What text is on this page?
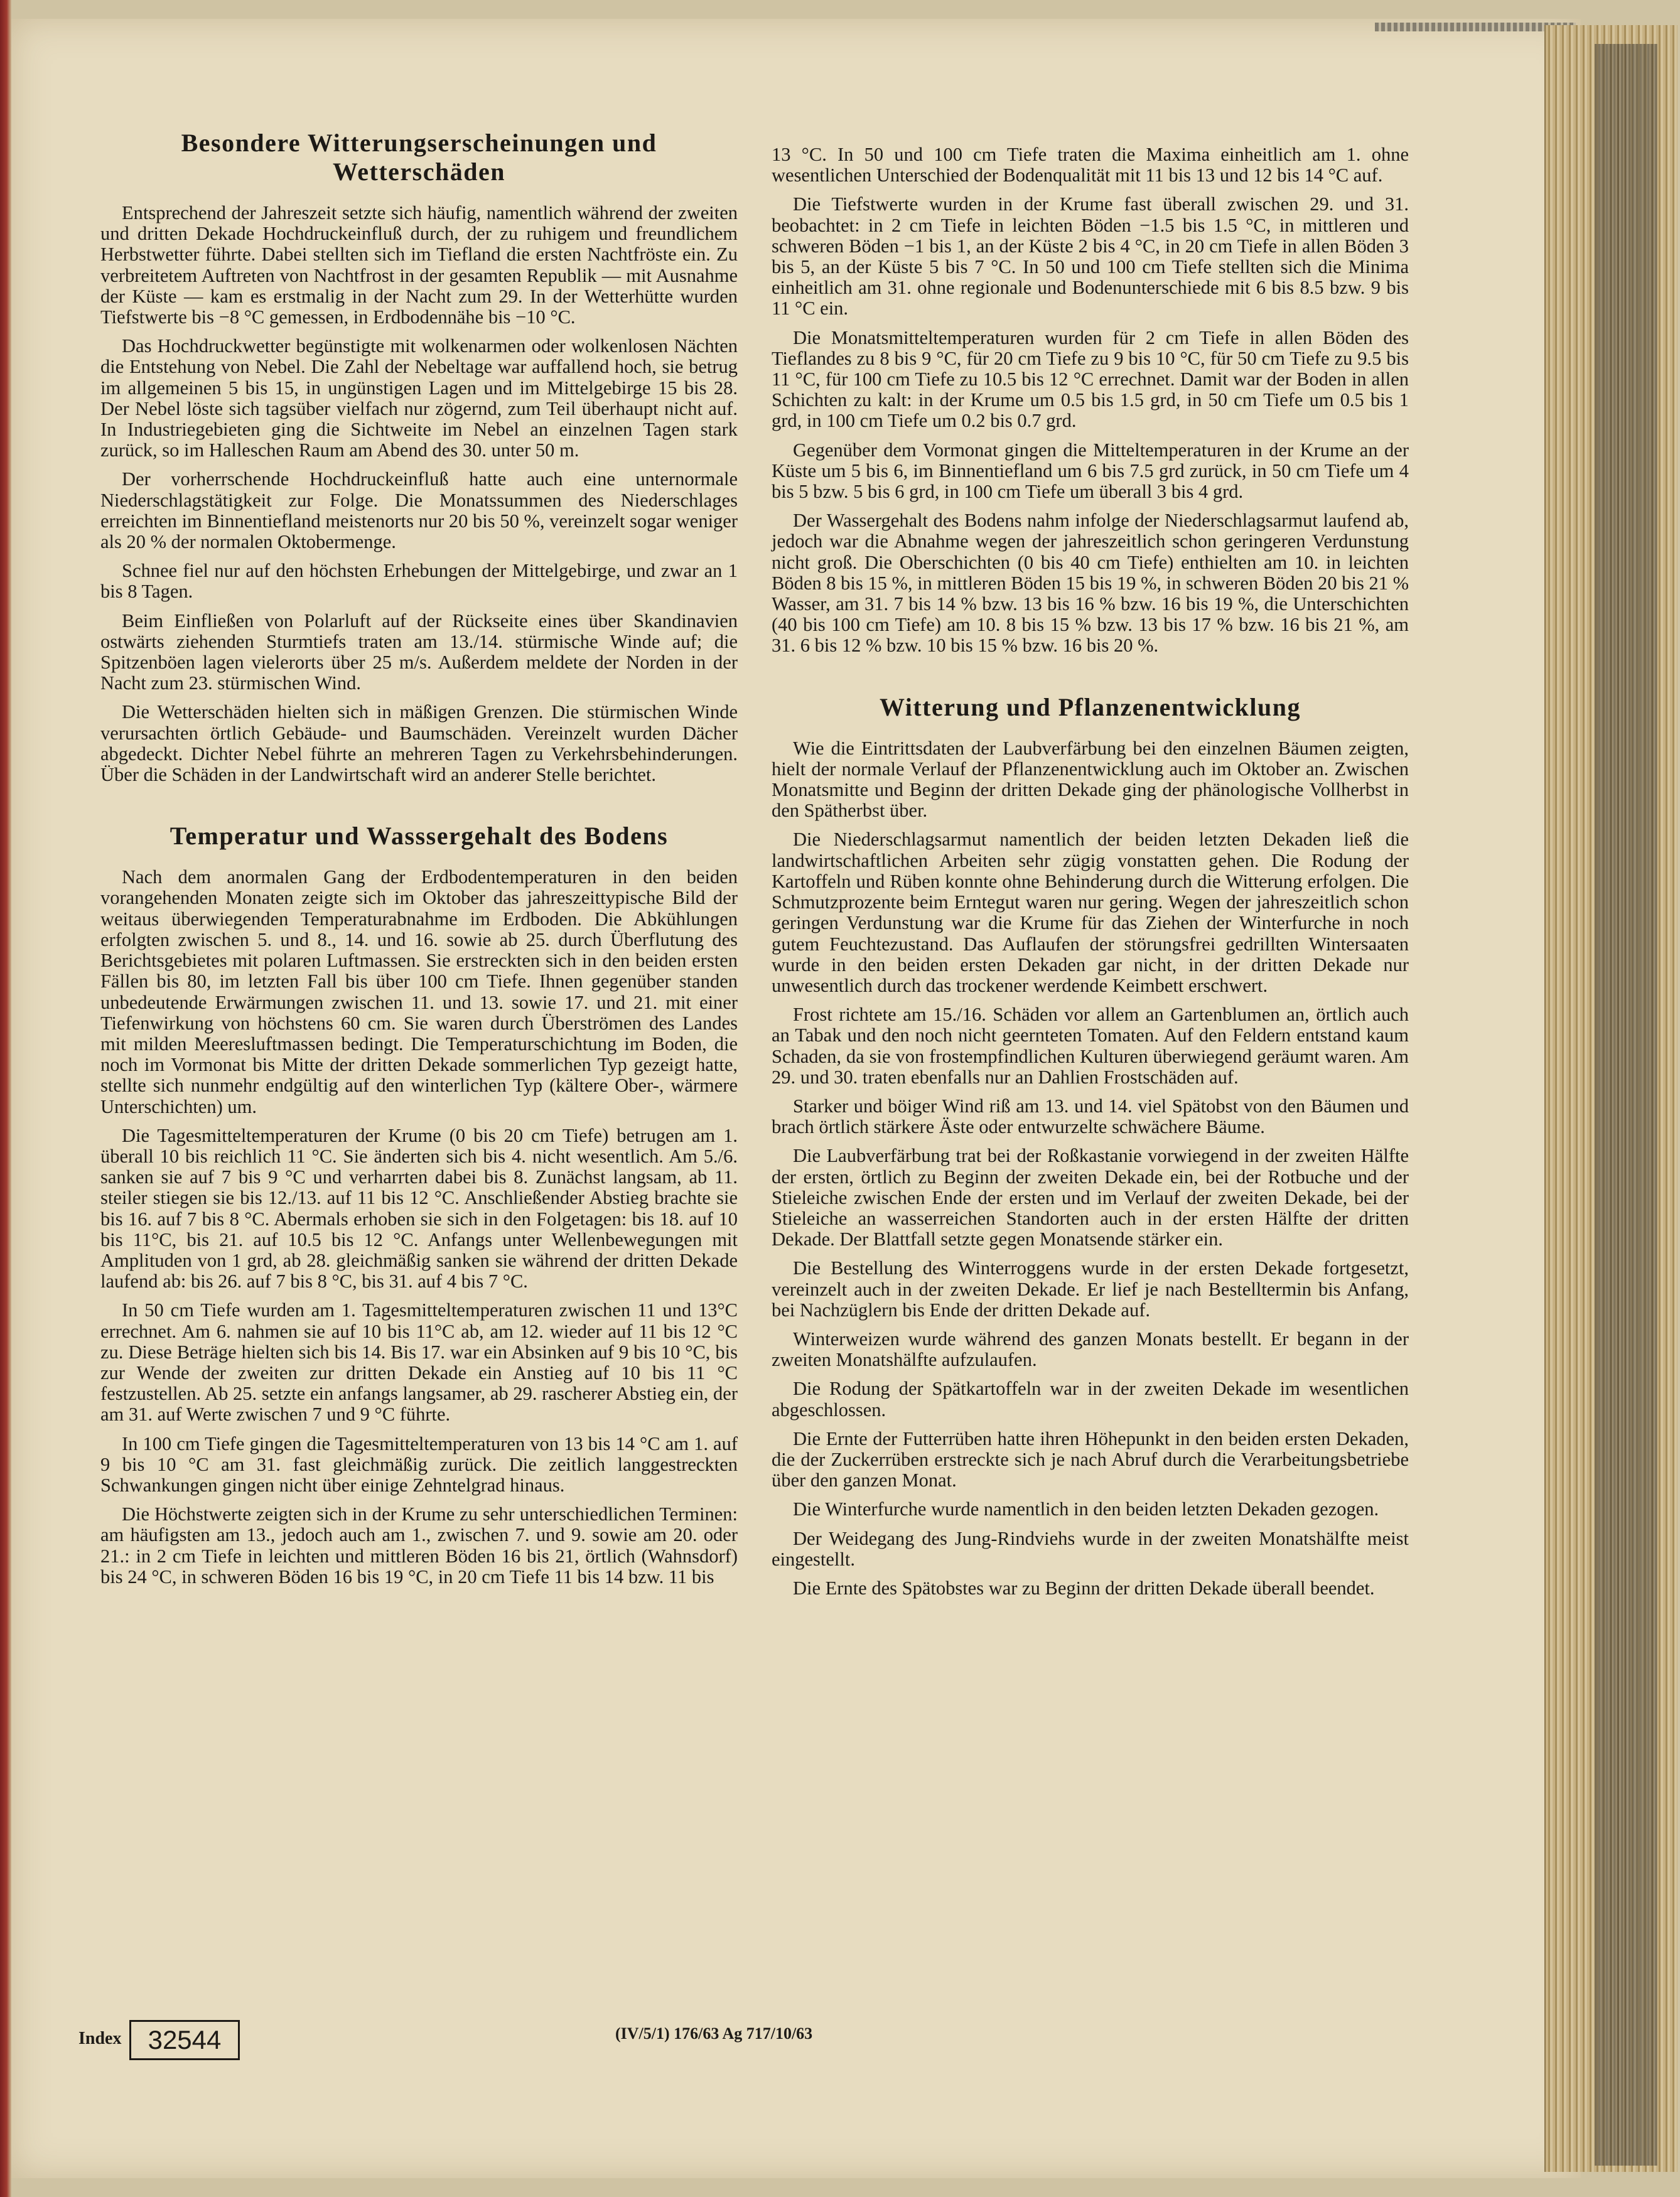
Besondere Witterungserscheinungen und Wetterschäden

Entsprechend der Jahreszeit setzte sich häufig, namentlich während der zweiten und dritten Dekade Hochdruckeinfluß durch, der zu ruhigem und freundlichem Herbstwetter führte. Dabei stellten sich im Tiefland die ersten Nachtfröste ein. Zu verbreitetem Auftreten von Nachtfrost in der gesamten Republik — mit Ausnahme der Küste — kam es erstmalig in der Nacht zum 29. In der Wetterhütte wurden Tiefstwerte bis −8 °C gemessen, in Erdbodennähe bis −10 °C.

Das Hochdruckwetter begünstigte mit wolkenarmen oder wolkenlosen Nächten die Entstehung von Nebel. Die Zahl der Nebeltage war auffallend hoch, sie betrug im allgemeinen 5 bis 15, in ungünstigen Lagen und im Mittelgebirge 15 bis 28. Der Nebel löste sich tagsüber vielfach nur zögernd, zum Teil überhaupt nicht auf. In Industriegebieten ging die Sichtweite im Nebel an einzelnen Tagen stark zurück, so im Halleschen Raum am Abend des 30. unter 50 m.

Der vorherrschende Hochdruckeinfluß hatte auch eine unternormale Niederschlagstätigkeit zur Folge. Die Monatssummen des Niederschlages erreichten im Binnentiefland meistenorts nur 20 bis 50 %, vereinzelt sogar weniger als 20 % der normalen Oktobermenge.

Schnee fiel nur auf den höchsten Erhebungen der Mittelgebirge, und zwar an 1 bis 8 Tagen.

Beim Einfließen von Polarluft auf der Rückseite eines über Skandinavien ostwärts ziehenden Sturmtiefs traten am 13./14. stürmische Winde auf; die Spitzenböen lagen vielerorts über 25 m/s. Außerdem meldete der Norden in der Nacht zum 23. stürmischen Wind.

Die Wetterschäden hielten sich in mäßigen Grenzen. Die stürmischen Winde verursachten örtlich Gebäude- und Baumschäden. Vereinzelt wurden Dächer abgedeckt. Dichter Nebel führte an mehreren Tagen zu Verkehrsbehinderungen. Über die Schäden in der Landwirtschaft wird an anderer Stelle berichtet.

Temperatur und Wasssergehalt des Bodens

Nach dem anormalen Gang der Erdbodentemperaturen in den beiden vorangehenden Monaten zeigte sich im Oktober das jahreszeittypische Bild der weitaus überwiegenden Temperaturabnahme im Erdboden. Die Abkühlungen erfolgten zwischen 5. und 8., 14. und 16. sowie ab 25. durch Überflutung des Berichtsgebietes mit polaren Luftmassen. Sie erstreckten sich in den beiden ersten Fällen bis 80, im letzten Fall bis über 100 cm Tiefe. Ihnen gegenüber standen unbedeutende Erwärmungen zwischen 11. und 13. sowie 17. und 21. mit einer Tiefenwirkung von höchstens 60 cm. Sie waren durch Überströmen des Landes mit milden Meeresluftmassen bedingt. Die Temperaturschichtung im Boden, die noch im Vormonat bis Mitte der dritten Dekade sommerlichen Typ gezeigt hatte, stellte sich nunmehr endgültig auf den winterlichen Typ (kältere Ober-, wärmere Unterschichten) um.

Die Tagesmitteltemperaturen der Krume (0 bis 20 cm Tiefe) betrugen am 1. überall 10 bis reichlich 11 °C. Sie änderten sich bis 4. nicht wesentlich. Am 5./6. sanken sie auf 7 bis 9 °C und verharrten dabei bis 8. Zunächst langsam, ab 11. steiler stiegen sie bis 12./13. auf 11 bis 12 °C. Anschließender Abstieg brachte sie bis 16. auf 7 bis 8 °C. Abermals erhoben sie sich in den Folgetagen: bis 18. auf 10 bis 11°C, bis 21. auf 10.5 bis 12 °C. Anfangs unter Wellenbewegungen mit Amplituden von 1 grd, ab 28. gleichmäßig sanken sie während der dritten Dekade laufend ab: bis 26. auf 7 bis 8 °C, bis 31. auf 4 bis 7 °C.

In 50 cm Tiefe wurden am 1. Tagesmitteltemperaturen zwischen 11 und 13°C errechnet. Am 6. nahmen sie auf 10 bis 11°C ab, am 12. wieder auf 11 bis 12 °C zu. Diese Beträge hielten sich bis 14. Bis 17. war ein Absinken auf 9 bis 10 °C, bis zur Wende der zweiten zur dritten Dekade ein Anstieg auf 10 bis 11 °C festzustellen. Ab 25. setzte ein anfangs langsamer, ab 29. rascherer Abstieg ein, der am 31. auf Werte zwischen 7 und 9 °C führte.

In 100 cm Tiefe gingen die Tagesmitteltemperaturen von 13 bis 14 °C am 1. auf 9 bis 10 °C am 31. fast gleichmäßig zurück. Die zeitlich langgestreckten Schwankungen gingen nicht über einige Zehntelgrad hinaus.

Die Höchstwerte zeigten sich in der Krume zu sehr unterschiedlichen Terminen: am häufigsten am 13., jedoch auch am 1., zwischen 7. und 9. sowie am 20. oder 21.: in 2 cm Tiefe in leichten und mittleren Böden 16 bis 21, örtlich (Wahnsdorf) bis 24 °C, in schweren Böden 16 bis 19 °C, in 20 cm Tiefe 11 bis 14 bzw. 11 bis

13 °C. In 50 und 100 cm Tiefe traten die Maxima einheitlich am 1. ohne wesentlichen Unterschied der Bodenqualität mit 11 bis 13 und 12 bis 14 °C auf.

Die Tiefstwerte wurden in der Krume fast überall zwischen 29. und 31. beobachtet: in 2 cm Tiefe in leichten Böden −1.5 bis 1.5 °C, in mittleren und schweren Böden −1 bis 1, an der Küste 2 bis 4 °C, in 20 cm Tiefe in allen Böden 3 bis 5, an der Küste 5 bis 7 °C. In 50 und 100 cm Tiefe stellten sich die Minima einheitlich am 31. ohne regionale und Bodenunterschiede mit 6 bis 8.5 bzw. 9 bis 11 °C ein.

Die Monatsmitteltemperaturen wurden für 2 cm Tiefe in allen Böden des Tieflandes zu 8 bis 9 °C, für 20 cm Tiefe zu 9 bis 10 °C, für 50 cm Tiefe zu 9.5 bis 11 °C, für 100 cm Tiefe zu 10.5 bis 12 °C errechnet. Damit war der Boden in allen Schichten zu kalt: in der Krume um 0.5 bis 1.5 grd, in 50 cm Tiefe um 0.5 bis 1 grd, in 100 cm Tiefe um 0.2 bis 0.7 grd.

Gegenüber dem Vormonat gingen die Mitteltemperaturen in der Krume an der Küste um 5 bis 6, im Binnentiefland um 6 bis 7.5 grd zurück, in 50 cm Tiefe um 4 bis 5 bzw. 5 bis 6 grd, in 100 cm Tiefe um überall 3 bis 4 grd.

Der Wassergehalt des Bodens nahm infolge der Niederschlagsarmut laufend ab, jedoch war die Abnahme wegen der jahreszeitlich schon geringeren Verdunstung nicht groß. Die Oberschichten (0 bis 40 cm Tiefe) enthielten am 10. in leichten Böden 8 bis 15 %, in mittleren Böden 15 bis 19 %, in schweren Böden 20 bis 21 % Wasser, am 31. 7 bis 14 % bzw. 13 bis 16 % bzw. 16 bis 19 %, die Unterschichten (40 bis 100 cm Tiefe) am 10. 8 bis 15 % bzw. 13 bis 17 % bzw. 16 bis 21 %, am 31. 6 bis 12 % bzw. 10 bis 15 % bzw. 16 bis 20 %.

Witterung und Pflanzenentwicklung

Wie die Eintrittsdaten der Laubverfärbung bei den einzelnen Bäumen zeigten, hielt der normale Verlauf der Pflanzenentwicklung auch im Oktober an. Zwischen Monatsmitte und Beginn der dritten Dekade ging der phänologische Vollherbst in den Spätherbst über.

Die Niederschlagsarmut namentlich der beiden letzten Dekaden ließ die landwirtschaftlichen Arbeiten sehr zügig vonstatten gehen. Die Rodung der Kartoffeln und Rüben konnte ohne Behinderung durch die Witterung erfolgen. Die Schmutzprozente beim Erntegut waren nur gering. Wegen der jahreszeitlich schon geringen Verdunstung war die Krume für das Ziehen der Winterfurche in noch gutem Feuchtezustand. Das Auflaufen der störungsfrei gedrillten Wintersaaten wurde in den beiden ersten Dekaden gar nicht, in der dritten Dekade nur unwesentlich durch das trockener werdende Keimbett erschwert.

Frost richtete am 15./16. Schäden vor allem an Gartenblumen an, örtlich auch an Tabak und den noch nicht geernteten Tomaten. Auf den Feldern entstand kaum Schaden, da sie von frostempfindlichen Kulturen überwiegend geräumt waren. Am 29. und 30. traten ebenfalls nur an Dahlien Frostschäden auf.

Starker und böiger Wind riß am 13. und 14. viel Spätobst von den Bäumen und brach örtlich stärkere Äste oder entwurzelte schwächere Bäume.

Die Laubverfärbung trat bei der Roßkastanie vorwiegend in der zweiten Hälfte der ersten, örtlich zu Beginn der zweiten Dekade ein, bei der Rotbuche und der Stieleiche zwischen Ende der ersten und im Verlauf der zweiten Dekade, bei der Stieleiche an wasserreichen Standorten auch in der ersten Hälfte der dritten Dekade. Der Blattfall setzte gegen Monatsende stärker ein.

Die Bestellung des Winterroggens wurde in der ersten Dekade fortgesetzt, vereinzelt auch in der zweiten Dekade. Er lief je nach Bestelltermin bis Anfang, bei Nachzüglern bis Ende der dritten Dekade auf.

Winterweizen wurde während des ganzen Monats bestellt. Er begann in der zweiten Monatshälfte aufzulaufen.

Die Rodung der Spätkartoffeln war in der zweiten Dekade im wesentlichen abgeschlossen.

Die Ernte der Futterrüben hatte ihren Höhepunkt in den beiden ersten Dekaden, die der Zuckerrüben erstreckte sich je nach Abruf durch die Verarbeitungsbetriebe über den ganzen Monat.

Die Winterfurche wurde namentlich in den beiden letzten Dekaden gezogen.

Der Weidegang des Jung-Rindviehs wurde in der zweiten Monatshälfte meist eingestellt.

Die Ernte des Spätobstes war zu Beginn der dritten Dekade überall beendet.

Index	32544	(IV/5/1) 176/63 Ag 717/10/63
